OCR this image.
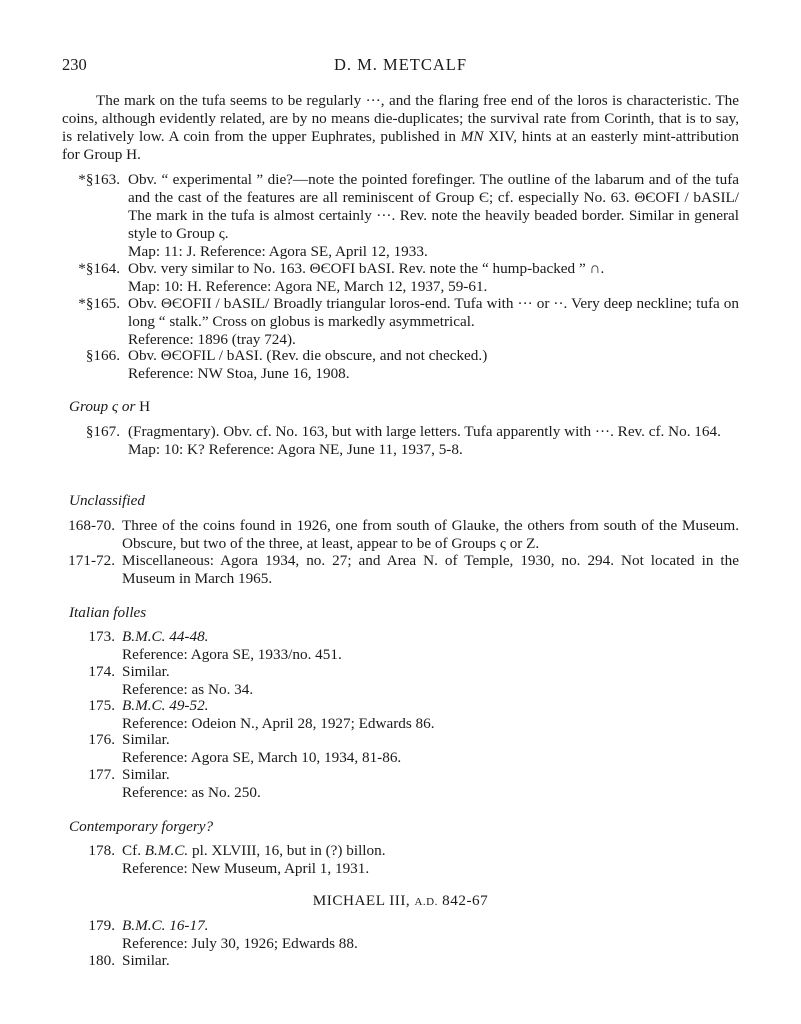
230	D. M. METCALF

The mark on the tufa seems to be regularly ···, and the flaring free end of the loros is characteristic. The coins, although evidently related, are by no means die-duplicates; the survival rate from Corinth, that is to say, is relatively low. A coin from the upper Euphrates, published in MN XIV, hints at an easterly mint-attribution for Group H.

*§163. Obv. “ experimental ” die?—note the pointed forefinger. The outline of the labarum and of the tufa and the cast of the features are all reminiscent of Group Є; cf. especially No. 63. ΘЄOFI / bASIL/ The mark in the tufa is almost certainly ···. Rev. note the heavily beaded border. Similar in general style to Group ς.
Map: 11: J. Reference: Agora SE, April 12, 1933.
*§164. Obv. very similar to No. 163. ΘЄOFI bASI. Rev. note the “ hump-backed ” ∩.
Map: 10: H. Reference: Agora NE, March 12, 1937, 59-61.
*§165. Obv. ΘЄOFII / bASIL/ Broadly triangular loros-end. Tufa with ··· or ··. Very deep neckline; tufa on long “ stalk.” Cross on globus is markedly asymmetrical.
Reference: 1896 (tray 724).
§166. Obv. ΘЄOFIL / bASI. (Rev. die obscure, and not checked.)
Reference: NW Stoa, June 16, 1908.
Group ς or H
§167. (Fragmentary). Obv. cf. No. 163, but with large letters. Tufa apparently with ···. Rev. cf. No. 164.
Map: 10: K? Reference: Agora NE, June 11, 1937, 5-8.
Unclassified
168-70. Three of the coins found in 1926, one from south of Glauke, the others from south of the Museum. Obscure, but two of the three, at least, appear to be of Groups ς or Z.
171-72. Miscellaneous: Agora 1934, no. 27; and Area N. of Temple, 1930, no. 294. Not located in the Museum in March 1965.
Italian folles
173. B.M.C. 44-48.
Reference: Agora SE, 1933/no. 451.
174. Similar.
Reference: as No. 34.
175. B.M.C. 49-52.
Reference: Odeion N., April 28, 1927; Edwards 86.
176. Similar.
Reference: Agora SE, March 10, 1934, 81-86.
177. Similar.
Reference: as No. 250.
Contemporary forgery?
178. Cf. B.M.C. pl. XLVIII, 16, but in (?) billon.
Reference: New Museum, April 1, 1931.
MICHAEL III, A.D. 842-67
179. B.M.C. 16-17.
Reference: July 30, 1926; Edwards 88.
180. Similar.
